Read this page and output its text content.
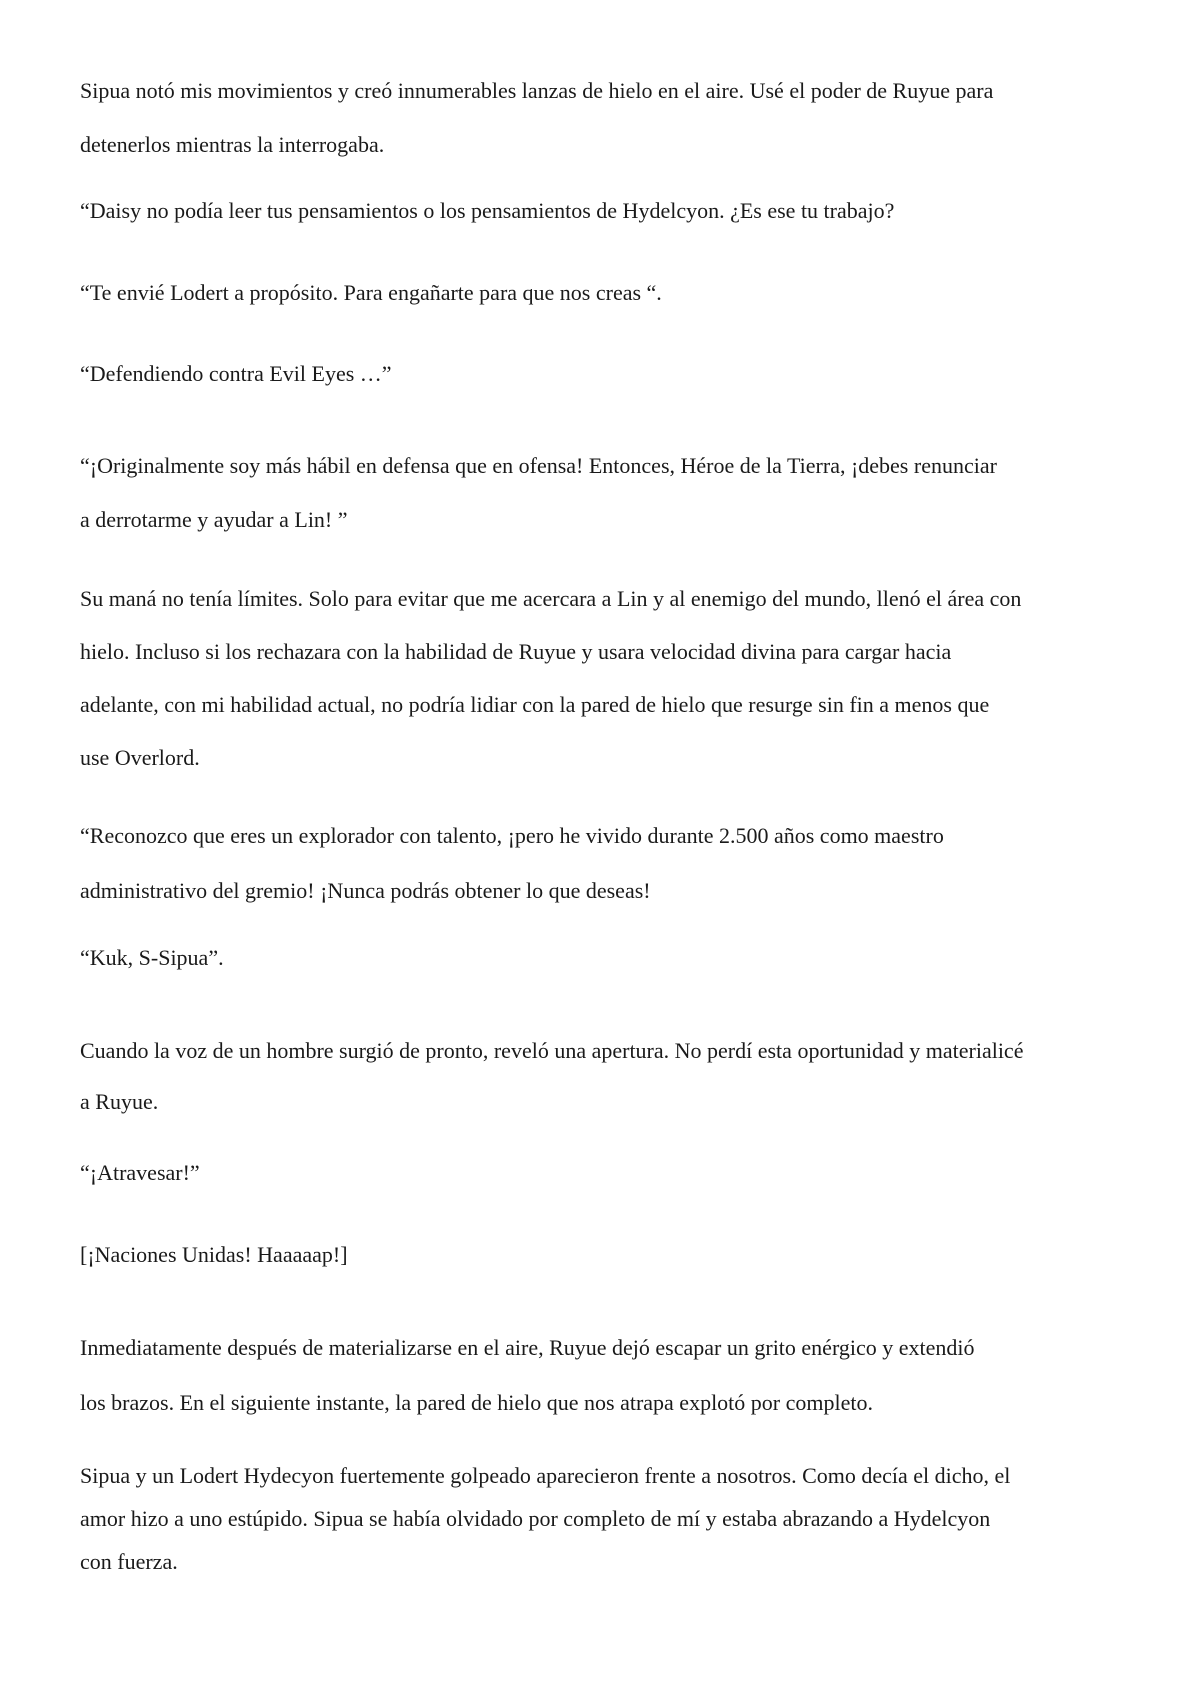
Sipua notó mis movimientos y creó innumerables lanzas de hielo en el aire. Usé el poder de Ruyue para
detenerlos mientras la interrogaba.

“Daisy no podía leer tus pensamientos o los pensamientos de Hydelcyon. ¿Es ese tu trabajo?

“Te envié Lodert a propósito. Para engañarte para que nos creas “.

“Defendiendo contra Evil Eyes …”

“¡Originalmente soy más hábil en defensa que en ofensa! Entonces, Héroe de la Tierra, ¡debes renunciar
a derrotarme y ayudar a Lin! ”

Su maná no tenía límites. Solo para evitar que me acercara a Lin y al enemigo del mundo, llenó el área con
hielo. Incluso si los rechazara con la habilidad de Ruyue y usara velocidad divina para cargar hacia
adelante, con mi habilidad actual, no podría lidiar con la pared de hielo que resurge sin fin a menos que
use Overlord.

“Reconozco que eres un explorador con talento, ¡pero he vivido durante 2.500 años como maestro
administrativo del gremio! ¡Nunca podrás obtener lo que deseas!

“Kuk, S-Sipua”.

Cuando la voz de un hombre surgió de pronto, reveló una apertura. No perdí esta oportunidad y materialicé
a Ruyue.

“¡Atravesar!”

[¡Naciones Unidas! Haaaaap!]

Inmediatamente después de materializarse en el aire, Ruyue dejó escapar un grito enérgico y extendió
los brazos. En el siguiente instante, la pared de hielo que nos atrapa explotó por completo.

Sipua y un Lodert Hydecyon fuertemente golpeado aparecieron frente a nosotros. Como decía el dicho, el
amor hizo a uno estúpido. Sipua se había olvidado por completo de mí y estaba abrazando a Hydelcyon
con fuerza.
